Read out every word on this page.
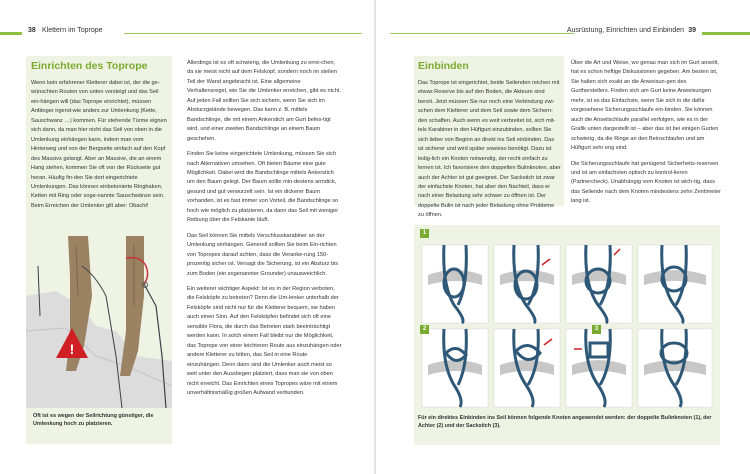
38 Klettern im Toprope	Ausrüstung, Einrichten und Einbinden 39
Einrichten des Toprope

Wenn kein erfahrener Kletterer dabei ist, der die ge-wünschten Routen von unten vorsteigt und das Seil ein-hängen will (das Toprope einrichtet), müssen Anfänger irgend-wie anders zur Umlenkung (Kette, Sauschwanz …) kommen. Für stehende Türme eignen sich dann, da man hier nicht das Seil von oben in die Umlenkung einhängen kann, indem man vom Hinterweg und von der Bergseite einfach auf den Kopf des Massivs gelangt. Aber an Massive, die an einem Hang stehen, kommen Sie oft von der Rückseite gut heran. Häufig fin-den Sie dort eingerichtete Umlenkungen. Das können einbetonierte Ringhaken, Ketten mit Ring oder soge-nannte Sauschwänze sein. Beim Erreichen der Umlenker gilt aber: Obacht!

Allerdings ist es oft schwierig, die Umlenkung zu errei-chen, da sie meist nicht auf dem Felskopf, sondern noch im steilen Teil der Wand angebracht ist. Eine allgemeine Verhaltensregel, wie Sie die Umlenker erreichen, gibt es nicht. Auf jeden Fall sollten Sie sich sichern, wenn Sie sich im Absturzgelände bewegen. Das kann z. B. mittels Bandschlinge, die mit einem Ankerstich am Gurt befes-tigt wird, und einer zweiten Bandschlinge an einem Baum geschehen.

Finden Sie keine eingerichtete Umlenkung, müssen Sie sich nach Alternativen umsehen. Oft bieten Bäume eine gute Möglichkeit. Dabei wird die Bandschlinge mittels Ankerstich um den Baum gelegt. Der Baum sollte min-destens armdick, gesund und gut verwurzelt sein. Ist ein dickerer Baum vorhanden, ist es fast immer von Vorteil, die Bandschlinge so hoch wie möglich zu platzieren, da dann das Seil mit weniger Reibung über die Felskante läuft.

Das Seil können Sie mittels Verschlusskarabiner an der Umlenkung einhängen. Generell sollten Sie beim Ein-richten von Topropes darauf achten, dass die Veranke-rung 150-prozentig sicher ist. Versagt die Sicherung, ist ein Absturz bis zum Boden (ein sogenannter Grounder) unausweichlich.

Ein weiterer wichtiger Aspekt: Ist es in der Region verboten, die Felsköpfe zu betreten? Denn die Um-lenker unterhalb der Felsköpfe sind nicht nur für die Kletterer bequem, sie haben auch einen Sinn. Auf den Felsköpfen befindet sich oft eine sensible Flora, die durch das Betreten stark beeinträchtigt werden kann. In solch einem Fall bleibt nur die Möglichkeit, das Toprope von einer leichteren Route aus einzuhängen oder andere Kletterer zu bitten, das Seil in eine Route einzuhängen. Denn dann sind die Umlenker auch meist so weit unter den Ausstiegen platziert, dass man sie von oben nicht erreicht. Das Einrichten eines Topropes wäre mit einem unverhältnismäßig großen Aufwand verbunden.

!
Oft ist es wegen der Seilrichtung günstiger, die Umlenkung hoch zu platzieren.
Einbinden

Das Toprope ist eingerichtet, beide Seilenden reichen mit etwas Reserve bis auf den Boden, die Akteure sind bereit. Jetzt müssen Sie nur noch eine Verbindung zwi-schen dem Kletterer und dem Seil sowie dem Sichern-den schaffen. Auch wenn es weit verbreitet ist, sich mit-tels Karabiner in den Hüftgurt einzubinden, sollten Sie sich lieber von Beginn an direkt ins Seil einbinden. Das ist sicherer und wird später sowieso benötigt. Dazu ist ledig-lich ein Knoten notwendig, der recht einfach zu lernen ist. Ich favorisiere den doppelten Bulinknoten, aber auch der Achter ist gut geeignet. Der Sackstich ist zwar der einfachste Knoten, hat aber den Nachteil, dass er nach einer Belastung sehr schwer zu öffnen ist. Der doppelte Bulin ist nach jeder Belastung ohne Probleme zu öffnen.

Über die Art und Weise, wo genau man sich im Gurt anseilt, hat es schon heftige Diskussionen gegeben. Am besten ist, Sie halten sich exakt an die Anweisun-gen des Gurtherstellers. Finden sich am Gurt keine Anweisungen mehr, ist es das Einfachste, wenn Sie sich in die dafür vorgesehene Sicherungsschlaufe ein-binden. Sie können auch die Anseilschlaufe parallel verfolgen, wie es in der Grafik unten dargestellt ist – aber das ist bei einigen Gurten schwierig, da die Ringe an den Beinschlaufen und am Hüftgurt sehr eng sind.

Die Sicherungsschlaufe hat genügend Sicherheits-reserven und ist am einfachsten optisch zu kontrol-lieren (Partnercheck). Unabhängig vom Knoten ist wich-tig, dass das Seilende nach dem Knoten mindestens zehn Zentimeter lang ist.

1
2	3
Für ein direktes Einbinden ins Seil können folgende Knoten angewendet werden: der doppelte Bulinknoten (1), der Achter (2) und der Sackstich (3).
